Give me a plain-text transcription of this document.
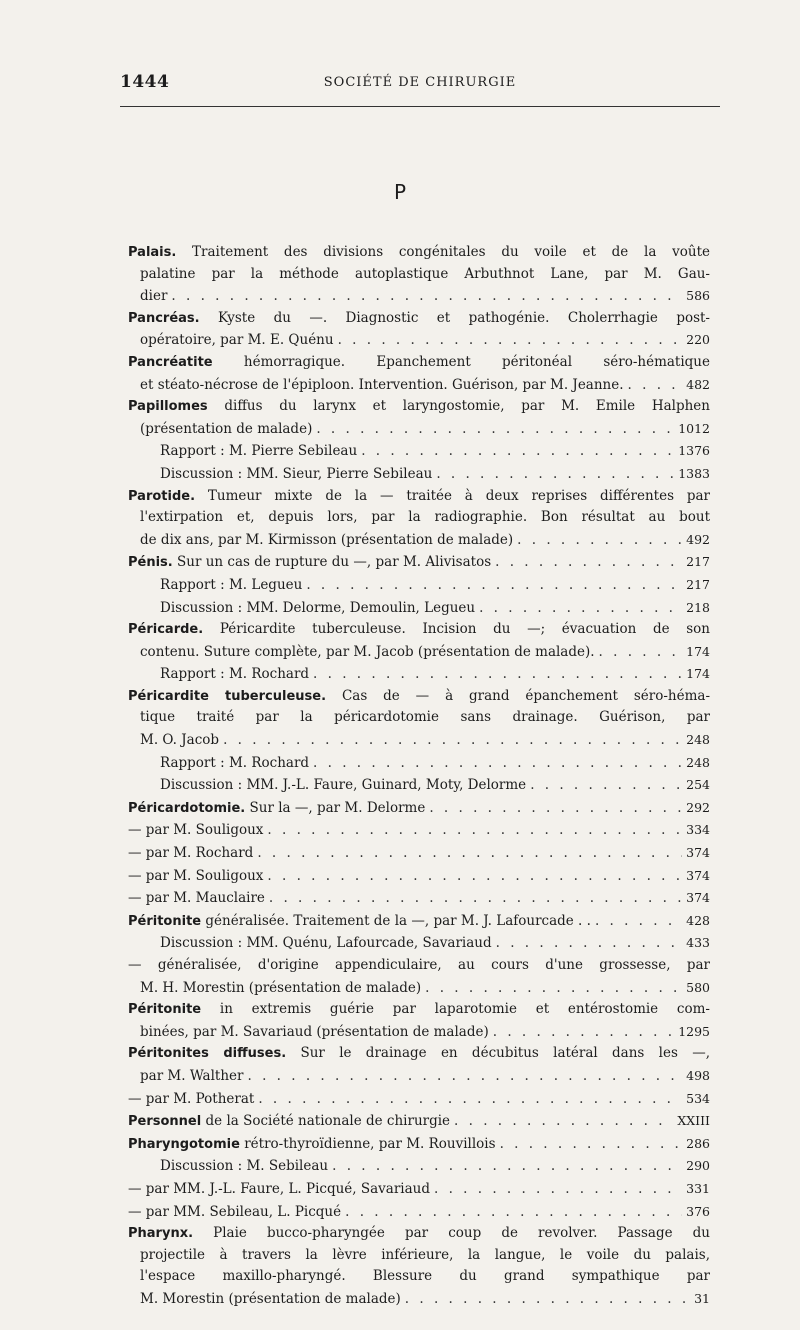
1444	SOCIÉTÉ DE CHIRURGIE
P
Palais. Traitement des divisions congénitales du voile et de la voûte
palatine par la méthode autoplastique Arbuthnot Lane, par M. Gau-
dier . . .	586
Pancréas. Kyste du —. Diagnostic et pathogénie. Cholerrhagie post-
opératoire, par M. E. Quénu . . .	220
Pancréatite hémorragique. Epanchement péritonéal séro-hématique
et stéato-nécrose de l'épiploon. Intervention. Guérison, par M. Jeanne. . . .	482
Papillomes diffus du larynx et laryngostomie, par M. Emile Halphen
(présentation de malade) . . .	1012
Rapport : M. Pierre Sebileau . . .	1376
Discussion : MM. Sieur, Pierre Sebileau . . .	1383
Parotide. Tumeur mixte de la — traitée à deux reprises différentes par
l'extirpation et, depuis lors, par la radiographie. Bon résultat au bout
de dix ans, par M. Kirmisson (présentation de malade) . . .	492
Pénis. Sur un cas de rupture du —, par M. Alivisatos . . .	217
Rapport : M. Legueu . . .	217
Discussion : MM. Delorme, Demoulin, Legueu . . .	218
Péricarde. Péricardite tuberculeuse. Incision du —; évacuation de son
contenu. Suture complète, par M. Jacob (présentation de malade). . . .	174
Rapport : M. Rochard . . .	174
Péricardite tuberculeuse. Cas de — à grand épanchement séro-héma-
tique traité par la péricardotomie sans drainage. Guérison, par
M. O. Jacob . . .	248
Rapport : M. Rochard . . .	248
Discussion : MM. J.-L. Faure, Guinard, Moty, Delorme . . .	254
Péricardotomie. Sur la —, par M. Delorme . . .	292
— par M. Souligoux . . .	334
— par M. Rochard . . .	374
— par M. Souligoux . . .	374
— par M. Mauclaire . . .	374
Péritonite généralisée. Traitement de la —, par M. J. Lafourcade . . . . .	428
Discussion : MM. Quénu, Lafourcade, Savariaud . . .	433
— généralisée, d'origine appendiculaire, au cours d'une grossesse, par
M. H. Morestin (présentation de malade) . . .	580
Péritonite in extremis guérie par laparotomie et entérostomie com-
binées, par M. Savariaud (présentation de malade) . . .	1295
Péritonites diffuses. Sur le drainage en décubitus latéral dans les —,
par M. Walther . . .	498
— par M. Potherat . . .	534
Personnel de la Société nationale de chirurgie . . .	XXIII
Pharyngotomie rétro-thyroïdienne, par M. Rouvillois . . .	286
Discussion : M. Sebileau . . .	290
— par MM. J.-L. Faure, L. Picqué, Savariaud . . .	331
— par MM. Sebileau, L. Picqué . . .	376
Pharynx. Plaie bucco-pharyngée par coup de revolver. Passage du
projectile à travers la lèvre inférieure, la langue, le voile du palais,
l'espace maxillo-pharyngé. Blessure du grand sympathique par
M. Morestin (présentation de malade) . . .	31
